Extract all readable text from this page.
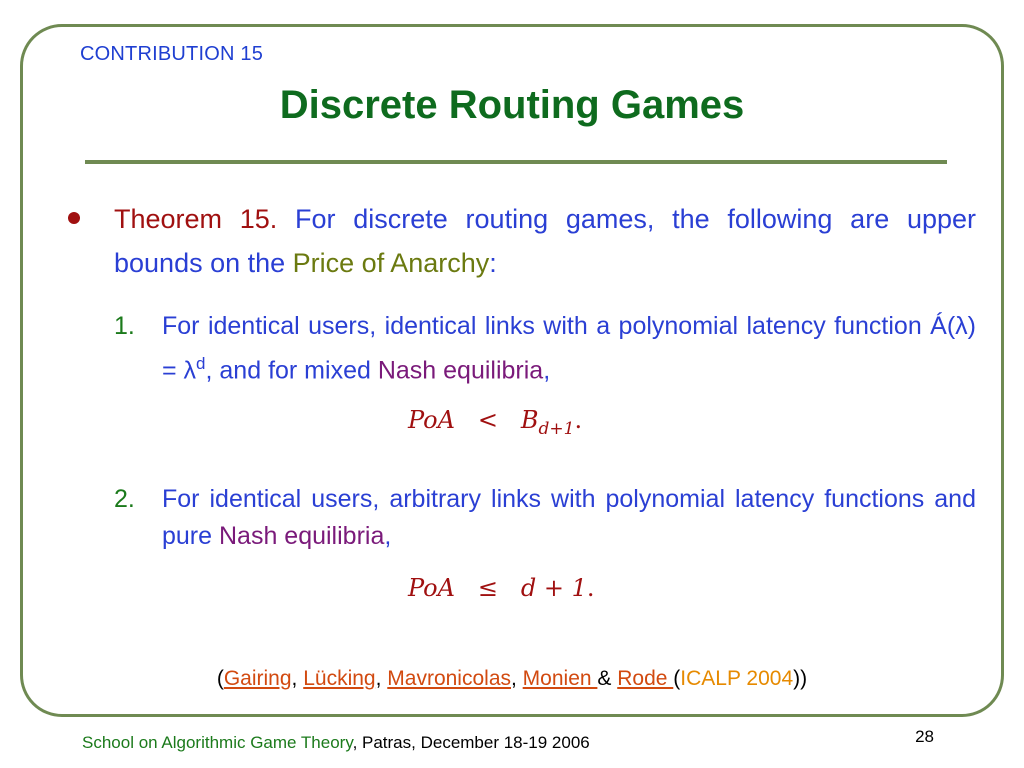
CONTRIBUTION 15
Discrete Routing Games
Theorem 15. For discrete routing games, the following are upper bounds on the Price of Anarchy:
1. For identical users, identical links with a polynomial latency function Á(λ) = $\lambda^d$, and for mixed Nash equilibria,
PoA < $B_{d+1}$.
2. For identical users, arbitrary links with polynomial latency functions and pure Nash equilibria,
PoA ≤ d + 1.
(Gairing, Lücking, Mavronicolas, Monien & Rode (ICALP 2004))
School on Algorithmic Game Theory, Patras, December 18-19 2006	28
